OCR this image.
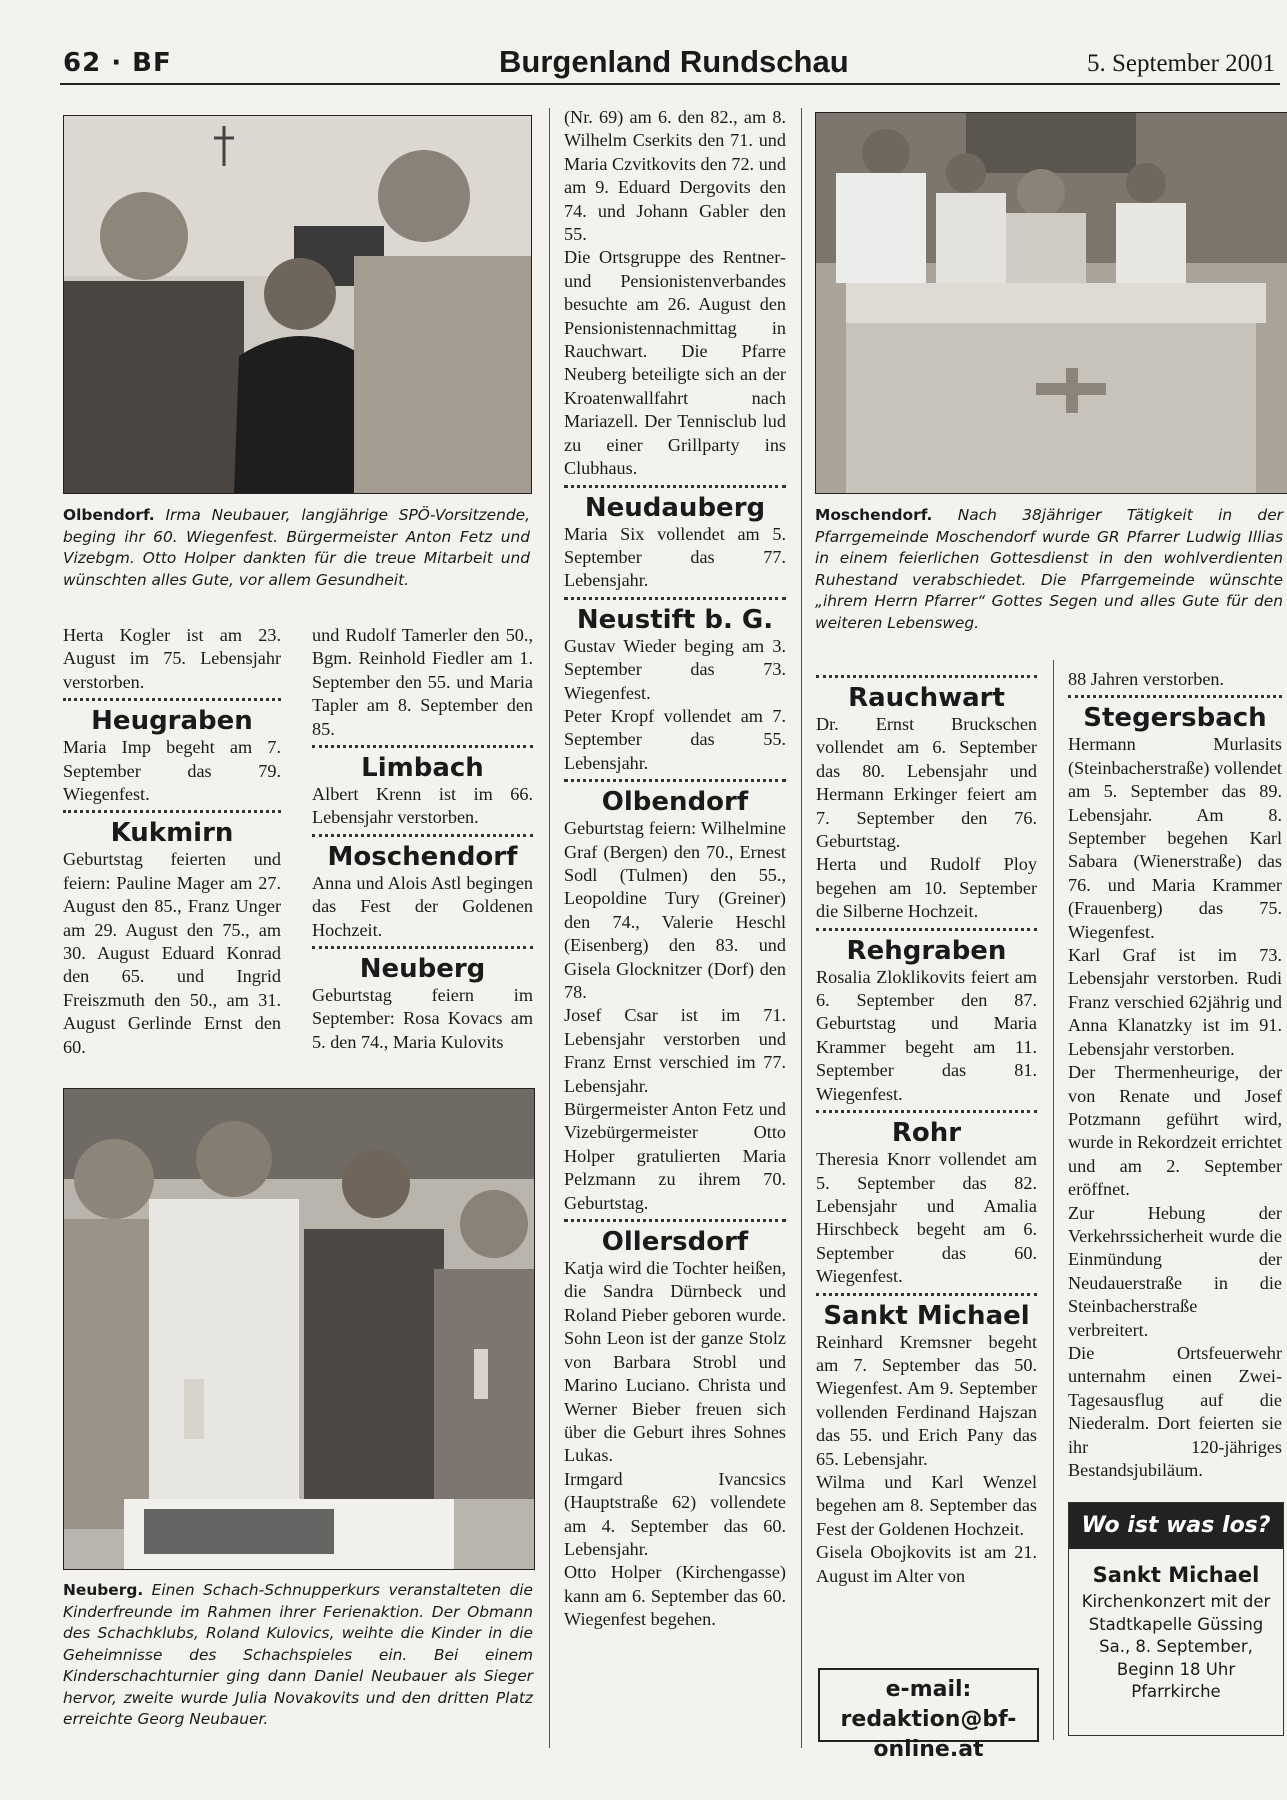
62 · BF	Burgenland Rundschau	5. September 2001
Olbendorf. Irma Neubauer, langjährige SPÖ-Vorsitzende, beging ihr 60. Wiegenfest. Bürgermeister Anton Fetz und Vizebgm. Otto Holper dankten für die treue Mitarbeit und wünschten alles Gute, vor allem Gesundheit.

Herta Kogler ist am 23. August im 75. Lebensjahr verstorben.

Heugraben

Maria Imp begeht am 7. September das 79. Wiegenfest.

Kukmirn

Geburtstag feierten und feiern: Pauline Mager am 27. August den 85., Franz Unger am 29. August den 75., am 30. August Eduard Konrad den 65. und Ingrid Freiszmuth den 50., am 31. August Gerlinde Ernst den 60.

und Rudolf Tamerler den 50., Bgm. Reinhold Fiedler am 1. September den 55. und Maria Tapler am 8. September den 85.

Limbach

Albert Krenn ist im 66. Lebensjahr verstorben.

Moschendorf

Anna und Alois Astl begingen das Fest der Goldenen Hochzeit.

Neuberg

Geburtstag feiern im September: Rosa Kovacs am 5. den 74., Maria Kulovits

Neuberg. Einen Schach-Schnupperkurs veranstalteten die Kinderfreunde im Rahmen ihrer Ferienaktion. Der Obmann des Schachklubs, Roland Kulovics, weihte die Kinder in die Geheimnisse des Schachspieles ein. Bei einem Kinderschachturnier ging dann Daniel Neubauer als Sieger hervor, zweite wurde Julia Novakovits und den dritten Platz erreichte Georg Neubauer.

(Nr. 69) am 6. den 82., am 8. Wilhelm Cserkits den 71. und Maria Czvitkovits den 72. und am 9. Eduard Dergovits den 74. und Johann Gabler den 55.

Die Ortsgruppe des Rentner- und Pensionistenverbandes besuchte am 26. August den Pensionistennachmittag in Rauchwart. Die Pfarre Neuberg beteiligte sich an der Kroatenwallfahrt nach Mariazell. Der Tennisclub lud zu einer Grillparty ins Clubhaus.

Neudauberg

Maria Six vollendet am 5. September das 77. Lebensjahr.

Neustift b. G.

Gustav Wieder beging am 3. September das 73. Wiegenfest.

Peter Kropf vollendet am 7. September das 55. Lebensjahr.

Olbendorf

Geburtstag feiern: Wilhelmine Graf (Bergen) den 70., Ernest Sodl (Tulmen) den 55., Leopoldine Tury (Greiner) den 74., Valerie Heschl (Eisenberg) den 83. und Gisela Glocknitzer (Dorf) den 78.

Josef Csar ist im 71. Lebensjahr verstorben und Franz Ernst verschied im 77. Lebensjahr.

Bürgermeister Anton Fetz und Vizebürgermeister Otto Holper gratulierten Maria Pelzmann zu ihrem 70. Geburtstag.

Ollersdorf

Katja wird die Tochter heißen, die Sandra Dürnbeck und Roland Pieber geboren wurde. Sohn Leon ist der ganze Stolz von Barbara Strobl und Marino Luciano. Christa und Werner Bieber freuen sich über die Geburt ihres Sohnes Lukas.

Irmgard Ivancsics (Hauptstraße 62) vollendete am 4. September das 60. Lebensjahr.

Otto Holper (Kirchengasse) kann am 6. September das 60. Wiegenfest begehen.

Moschendorf. Nach 38jähriger Tätigkeit in der Pfarrgemeinde Moschendorf wurde GR Pfarrer Ludwig Illias in einem feierlichen Gottesdienst in den wohlverdienten Ruhestand verabschiedet. Die Pfarrgemeinde wünschte „ihrem Herrn Pfarrer“ Gottes Segen und alles Gute für den weiteren Lebensweg.
Rauchwart

Dr. Ernst Bruckschen vollendet am 6. September das 80. Lebensjahr und Hermann Erkinger feiert am 7. September den 76. Geburtstag.

Herta und Rudolf Ploy begehen am 10. September die Silberne Hochzeit.

Rehgraben

Rosalia Zloklikovits feiert am 6. September den 87. Geburtstag und Maria Krammer begeht am 11. September das 81. Wiegenfest.

Rohr

Theresia Knorr vollendet am 5. September das 82. Lebensjahr und Amalia Hirschbeck begeht am 6. September das 60. Wiegenfest.

Sankt Michael

Reinhard Kremsner begeht am 7. September das 50. Wiegenfest. Am 9. September vollenden Ferdinand Hajszan das 55. und Erich Pany das 65. Lebensjahr.

Wilma und Karl Wenzel begehen am 8. September das Fest der Goldenen Hochzeit.

Gisela Obojkovits ist am 21. August im Alter von

e-mail: redaktion@bf-online.at

88 Jahren verstorben.

Stegersbach

Hermann Murlasits (Steinbacherstraße) vollendet am 5. September das 89. Lebensjahr. Am 8. September begehen Karl Sabara (Wienerstraße) das 76. und Maria Krammer (Frauenberg) das 75. Wiegenfest.

Karl Graf ist im 73. Lebensjahr verstorben. Rudi Franz verschied 62jährig und Anna Klanatzky ist im 91. Lebensjahr verstorben.

Der Thermenheurige, der von Renate und Josef Potzmann geführt wird, wurde in Rekordzeit errichtet und am 2. September eröffnet.

Zur Hebung der Verkehrssicherheit wurde die Einmündung der Neudauerstraße in die Steinbacherstraße verbreitert.

Die Ortsfeuerwehr unternahm einen Zwei-Tagesausflug auf die Niederalm. Dort feierten sie ihr 120-jähriges Bestandsjubiläum.

Wo ist was los?
Sankt Michael
Kirchenkonzert mit der
Stadtkapelle Güssing
Sa., 8. September,
Beginn 18 Uhr
Pfarrkirche
